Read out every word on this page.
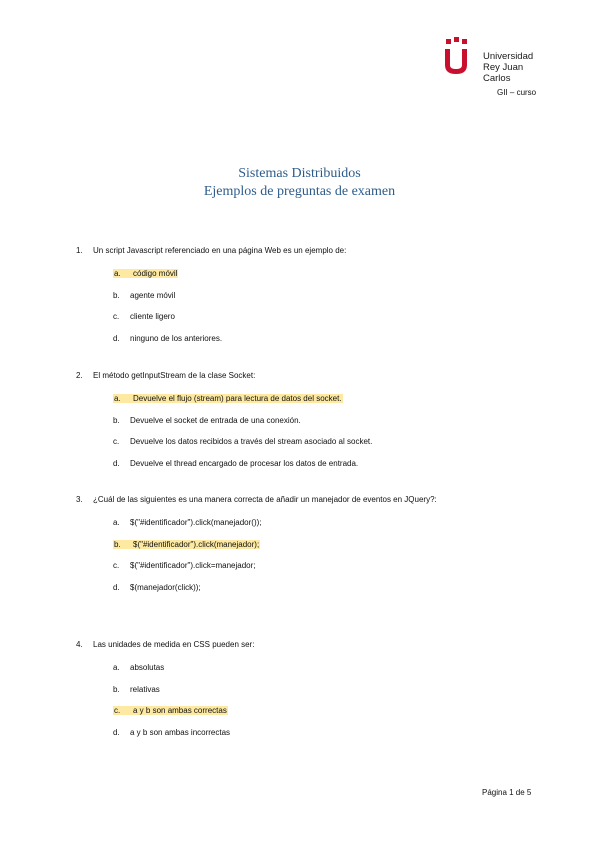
Universidad
Rey Juan Carlos
GII – curso
Sistemas Distribuidos
Ejemplos de preguntas de examen
1.	Un script Javascript referenciado en una página Web es un ejemplo de:
a.	código móvil
b.	agente móvil
c.	cliente ligero
d.	ninguno de los anteriores.
2.	El método getInputStream de la clase Socket:
a.	Devuelve el flujo (stream) para lectura de datos del socket.
b.	Devuelve el socket de entrada de una conexión.
c.	Devuelve los datos recibidos a través del stream asociado al socket.
d.	Devuelve el thread encargado de procesar los datos de entrada.
3.	¿Cuál de las siguientes es una manera correcta de añadir un manejador de eventos en JQuery?:
a.	$("#identificador").click(manejador());
b.	$("#identificador").click(manejador);
c.	$("#identificador").click=manejador;
d.	$(manejador(click));
4.	Las unidades de medida en CSS pueden ser:
a.	absolutas
b.	relativas
c.	a y b son ambas correctas
d.	a y b son ambas incorrectas
Página 1 de 5
